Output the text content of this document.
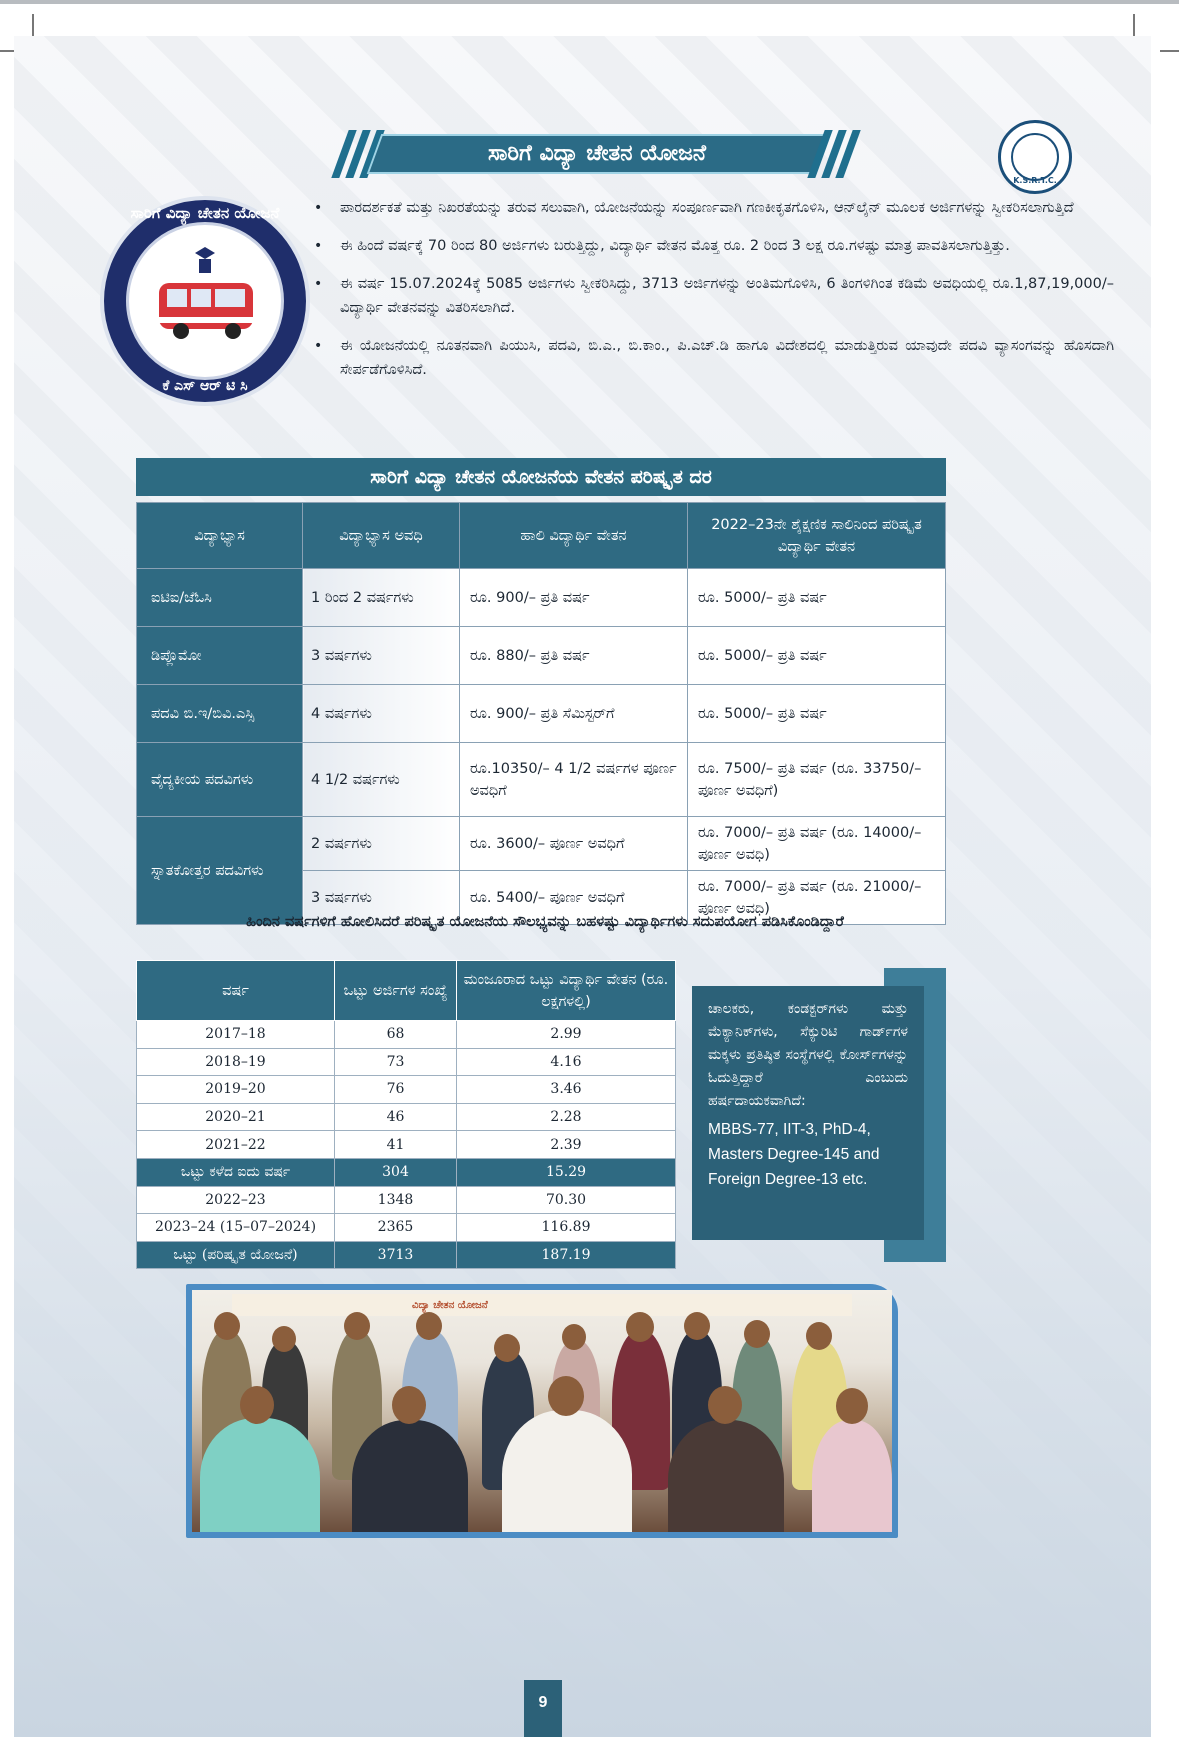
ಸಾರಿಗೆ ವಿದ್ಯಾ ಚೇತನ ಯೋಜನೆ
K.S.R.T.C.
ಸಾರಿಗೆ ವಿದ್ಯಾ ಚೇತನ ಯೋಜನೆ
ಕೆ ಎಸ್ ಆರ್ ಟಿ ಸಿ
•	ಪಾರದರ್ಶಕತೆ ಮತ್ತು ನಿಖರತೆಯನ್ನು ತರುವ ಸಲುವಾಗಿ, ಯೋಜನೆಯನ್ನು ಸಂಪೂರ್ಣವಾಗಿ ಗಣಕೀಕೃತಗೊಳಿಸಿ, ಆನ್‌ಲೈನ್ ಮೂಲಕ ಅರ್ಜಿಗಳನ್ನು ಸ್ವೀಕರಿಸಲಾಗುತ್ತಿದೆ
•	ಈ ಹಿಂದೆ ವರ್ಷಕ್ಕೆ 70 ರಿಂದ 80 ಅರ್ಜಿಗಳು ಬರುತ್ತಿದ್ದು, ವಿದ್ಯಾರ್ಥಿ ವೇತನ ಮೊತ್ತ ರೂ. 2 ರಿಂದ 3 ಲಕ್ಷ ರೂ.ಗಳಷ್ಟು ಮಾತ್ರ ಪಾವತಿಸಲಾಗುತ್ತಿತ್ತು.
•	ಈ ವರ್ಷ 15.07.2024ಕ್ಕೆ 5085 ಅರ್ಜಿಗಳು ಸ್ವೀಕರಿಸಿದ್ದು, 3713 ಅರ್ಜಿಗಳನ್ನು ಅಂತಿಮಗೊಳಿಸಿ, 6 ತಿಂಗಳಿಗಿಂತ ಕಡಿಮೆ ಅವಧಿಯಲ್ಲಿ ರೂ.1,87,19,000/– ವಿದ್ಯಾರ್ಥಿ ವೇತನವನ್ನು ವಿತರಿಸಲಾಗಿದೆ.
•	ಈ ಯೋಜನೆಯಲ್ಲಿ ನೂತನವಾಗಿ ಪಿಯುಸಿ, ಪದವಿ, ಬಿ.ಎ., ಬಿ.ಕಾಂ., ಪಿ.ಎಚ್.ಡಿ ಹಾಗೂ ವಿದೇಶದಲ್ಲಿ ಮಾಡುತ್ತಿರುವ ಯಾವುದೇ ಪದವಿ ವ್ಯಾಸಂಗವನ್ನು ಹೊಸದಾಗಿ ಸೇರ್ಪಡೆಗೊಳಿಸಿದೆ.
ಸಾರಿಗೆ ವಿದ್ಯಾ ಚೇತನ ಯೋಜನೆಯ ವೇತನ ಪರಿಷ್ಕೃತ ದರ
ವಿದ್ಯಾಭ್ಯಾಸ	ವಿದ್ಯಾಭ್ಯಾಸ ಅವಧಿ	ಹಾಲಿ ವಿದ್ಯಾರ್ಥಿ ವೇತನ	2022–23ನೇ ಶೈಕ್ಷಣಿಕ ಸಾಲಿನಿಂದ ಪರಿಷ್ಕೃತ ವಿದ್ಯಾರ್ಥಿ ವೇತನ
ಐಟಿಐ/ಜೆಓಸಿ	1 ರಿಂದ 2 ವರ್ಷಗಳು	ರೂ. 900/– ಪ್ರತಿ ವರ್ಷ	ರೂ. 5000/– ಪ್ರತಿ ವರ್ಷ
ಡಿಪ್ಲೊಮೋ	3 ವರ್ಷಗಳು	ರೂ. 880/– ಪ್ರತಿ ವರ್ಷ	ರೂ. 5000/– ಪ್ರತಿ ವರ್ಷ
ಪದವಿ ಬಿ.ಇ/ಬಿವಿ.ಎಸ್ಸಿ	4 ವರ್ಷಗಳು	ರೂ. 900/– ಪ್ರತಿ ಸೆಮಿಸ್ಟರ್‌ಗೆ	ರೂ. 5000/– ಪ್ರತಿ ವರ್ಷ
ವೈದ್ಯಕೀಯ ಪದವಿಗಳು	4 1/2 ವರ್ಷಗಳು	ರೂ.10350/– 4 1/2 ವರ್ಷಗಳ ಪೂರ್ಣ ಅವಧಿಗೆ	ರೂ. 7500/– ಪ್ರತಿ ವರ್ಷ (ರೂ. 33750/– ಪೂರ್ಣ ಅವಧಿಗೆ)
ಸ್ನಾತಕೋತ್ತರ ಪದವಿಗಳು	2 ವರ್ಷಗಳು	ರೂ. 3600/– ಪೂರ್ಣ ಅವಧಿಗೆ	ರೂ. 7000/– ಪ್ರತಿ ವರ್ಷ (ರೂ. 14000/– ಪೂರ್ಣ ಅವಧಿ)
	3 ವರ್ಷಗಳು	ರೂ. 5400/– ಪೂರ್ಣ ಅವಧಿಗೆ	ರೂ. 7000/– ಪ್ರತಿ ವರ್ಷ (ರೂ. 21000/– ಪೂರ್ಣ ಅವಧಿ)
ಹಿಂದಿನ ವರ್ಷಗಳಿಗೆ ಹೋಲಿಸಿದರೆ ಪರಿಷ್ಕೃತ ಯೋಜನೆಯ ಸೌಲಭ್ಯವನ್ನು ಬಹಳಷ್ಟು ವಿದ್ಯಾರ್ಥಿಗಳು ಸದುಪಯೋಗ ಪಡಿಸಿಕೊಂಡಿದ್ದಾರೆ
ವರ್ಷ	ಒಟ್ಟು ಅರ್ಜಿಗಳ ಸಂಖ್ಯೆ	ಮಂಜೂರಾದ ಒಟ್ಟು ವಿದ್ಯಾರ್ಥಿ ವೇತನ (ರೂ. ಲಕ್ಷಗಳಲ್ಲಿ)
2017–18	68	2.99
2018–19	73	4.16
2019–20	76	3.46
2020–21	46	2.28
2021–22	41	2.39
ಒಟ್ಟು ಕಳೆದ ಐದು ವರ್ಷ	304	15.29
2022–23	1348	70.30
2023–24 (15–07–2024)	2365	116.89
ಒಟ್ಟು (ಪರಿಷ್ಕೃತ ಯೋಜನೆ)	3713	187.19
ಚಾಲಕರು, ಕಂಡಕ್ಟರ್‌ಗಳು ಮತ್ತು ಮೆಕ್ಯಾನಿಕ್‌ಗಳು, ಸೆಕ್ಯುರಿಟಿ ಗಾರ್ಡ್‌ಗಳ ಮಕ್ಕಳು ಪ್ರತಿಷ್ಠಿತ ಸಂಸ್ಥೆಗಳಲ್ಲಿ ಕೋರ್ಸ್‌ಗಳನ್ನು ಓದುತ್ತಿದ್ದಾರೆ ಎಂಬುದು ಹರ್ಷದಾಯಕವಾಗಿದೆ:
MBBS-77, IIT-3, PhD-4, Masters Degree-145 and Foreign Degree-13 etc.
ವಿದ್ಯಾ ಚೇತನ ಯೋಜನೆ
9
